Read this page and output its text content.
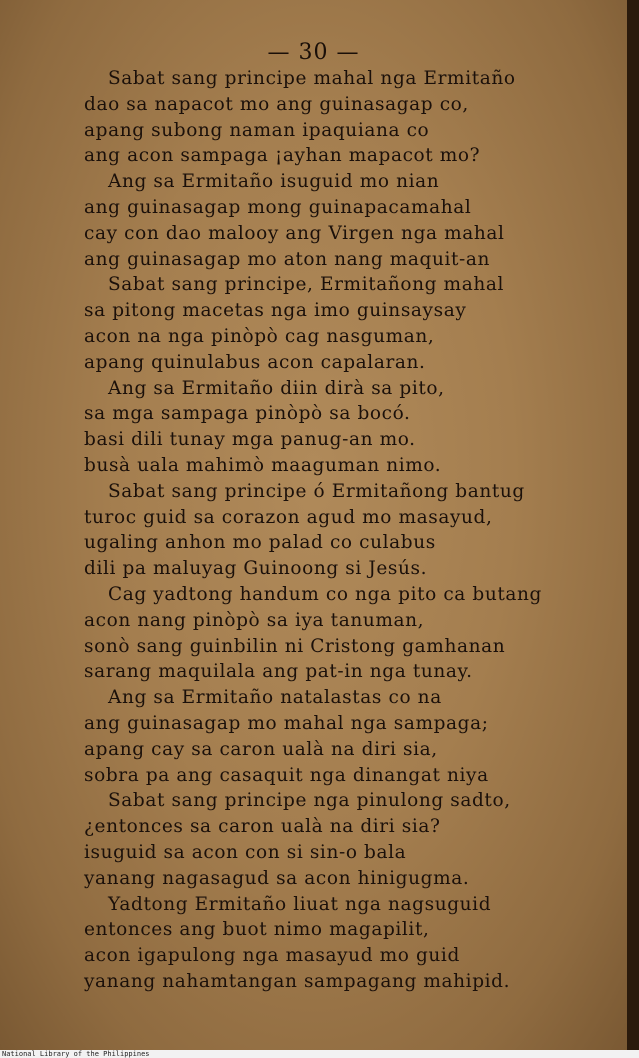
— 30 —
Sabat sang principe mahal nga Ermitaño
dao sa napacot mo ang guinasagap co,
apang subong naman ipaquiana co
ang acon sampaga ¡ayhan mapacot mo?
Ang sa Ermitaño isuguid mo nian
ang guinasagap mong guinapacamahal
cay con dao malooy ang Virgen nga mahal
ang guinasagap mo aton nang maquit-an
Sabat sang principe, Ermitañong mahal
sa pitong macetas nga imo guinsaysay
acon na nga pinòpò cag nasguman,
apang quinulabus acon capalaran.
Ang sa Ermitaño diin dirà sa pito,
sa mga sampaga pinòpò sa bocó.
basi dili tunay mga panug-an mo.
busà uala mahimò maaguman nimo.
Sabat sang principe ó Ermitañong bantug
turoc guid sa corazon agud mo masayud,
ugaling anhon mo palad co culabus
dili pa maluyag Guinoong si Jesús.
Cag yadtong handum co nga pito ca butang
acon nang pinòpò sa iya tanuman,
sonò sang guinbilin ni Cristong gamhanan
sarang maquilala ang pat-in nga tunay.
Ang sa Ermitaño natalastas co na
ang guinasagap mo mahal nga sampaga;
apang cay sa caron ualà na diri sia,
sobra pa ang casaquit nga dinangat niya
Sabat sang principe nga pinulong sadto,
¿entonces sa caron ualà na diri sia?
isuguid sa acon con si sin-o bala
yanang nagasagud sa acon hinigugma.
Yadtong Ermitaño liuat nga nagsuguid
entonces ang buot nimo magapilit,
acon igapulong nga masayud mo guid
yanang nahamtangan sampagang mahipid.
National Library of the Philippines
